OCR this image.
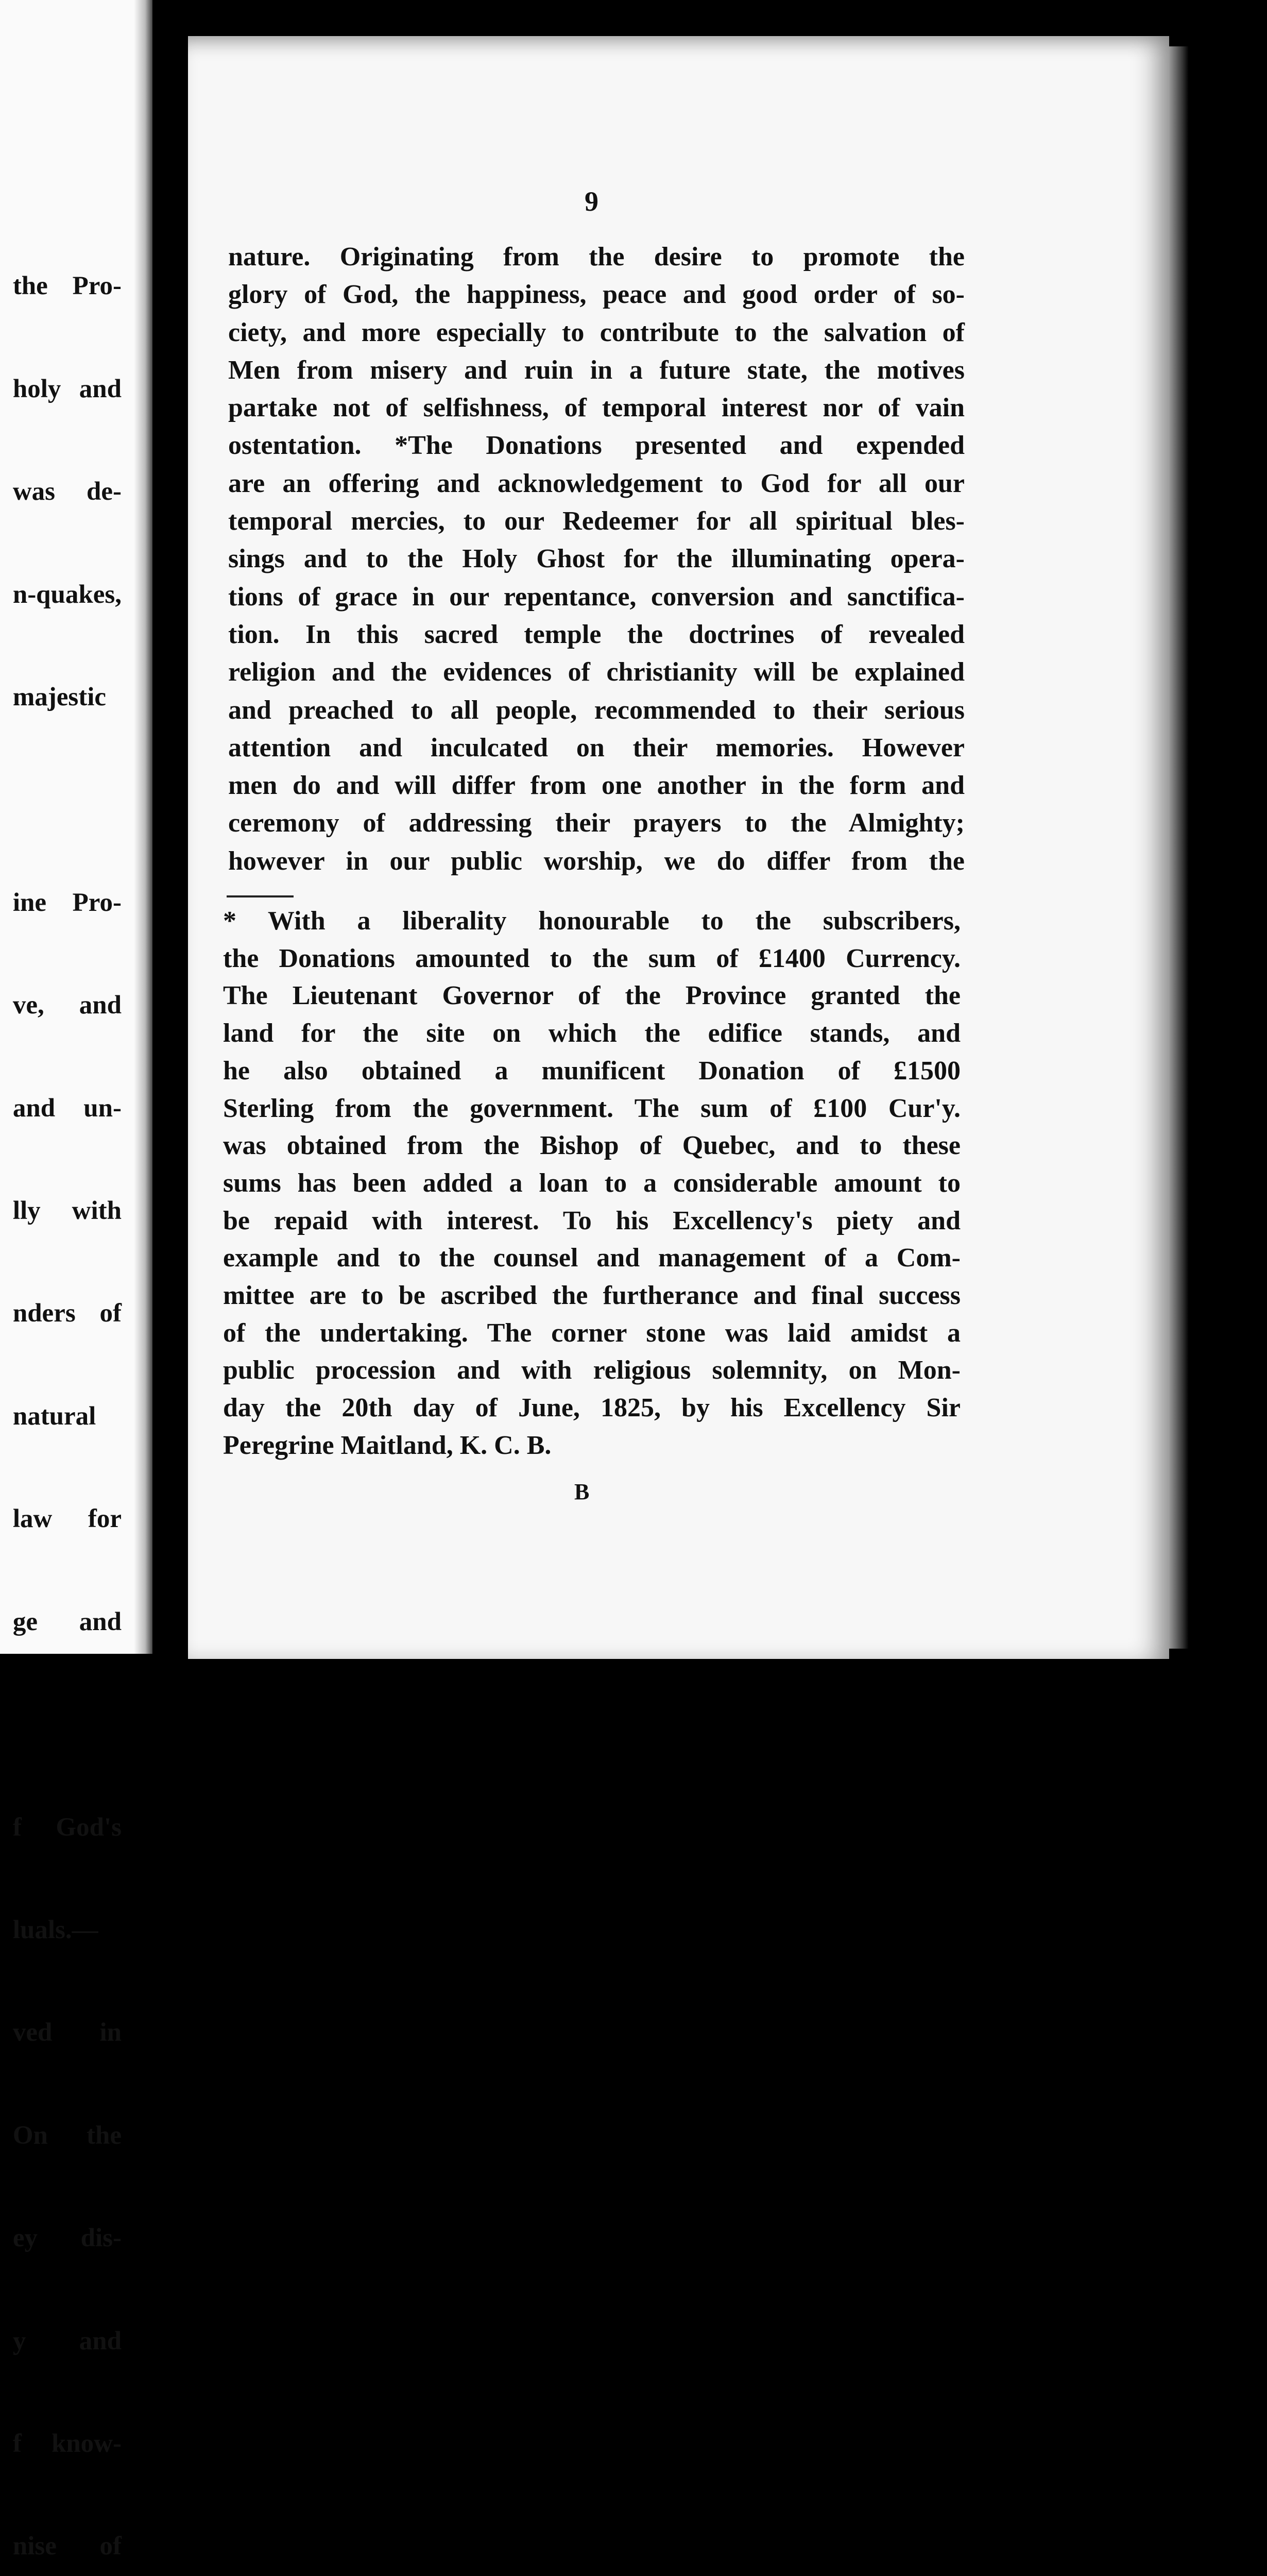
the Pro-

holy and

was de-

n-quakes,

majestic

ine Pro-

ve, and

and un-

lly with

nders of

natural

law for

ge and

f God's

luals.—

ved in

On the

ey dis-

y and

f know-

nise of

9
nature. Originating from the desire to promote the
glory of God, the happiness, peace and good order of so-
ciety, and more especially to contribute to the salvation of
Men from misery and ruin in a future state, the motives
partake not of selfishness, of temporal interest nor of vain
ostentation. *The Donations presented and expended
are an offering and acknowledgement to God for all our
temporal mercies, to our Redeemer for all spiritual bles-
sings and to the Holy Ghost for the illuminating opera-
tions of grace in our repentance, conversion and sanctifica-
tion. In this sacred temple the doctrines of revealed
religion and the evidences of christianity will be explained
and preached to all people, recommended to their serious
attention and inculcated on their memories. However
men do and will differ from one another in the form and
ceremony of addressing their prayers to the Almighty;
however in our public worship, we do differ from the
* With a liberality honourable to the subscribers,
the Donations amounted to the sum of £1400 Currency.
The Lieutenant Governor of the Province granted the
land for the site on which the edifice stands, and
he also obtained a munificent Donation of £1500
Sterling from the government. The sum of £100 Cur'y.
was obtained from the Bishop of Quebec, and to these
sums has been added a loan to a considerable amount to
be repaid with interest. To his Excellency's piety and
example and to the counsel and management of a Com-
mittee are to be ascribed the furtherance and final success
of the undertaking. The corner stone was laid amidst a
public procession and with religious solemnity, on Mon-
day the 20th day of June, 1825, by his Excellency Sir
Peregrine Maitland, K. C. B.
B
